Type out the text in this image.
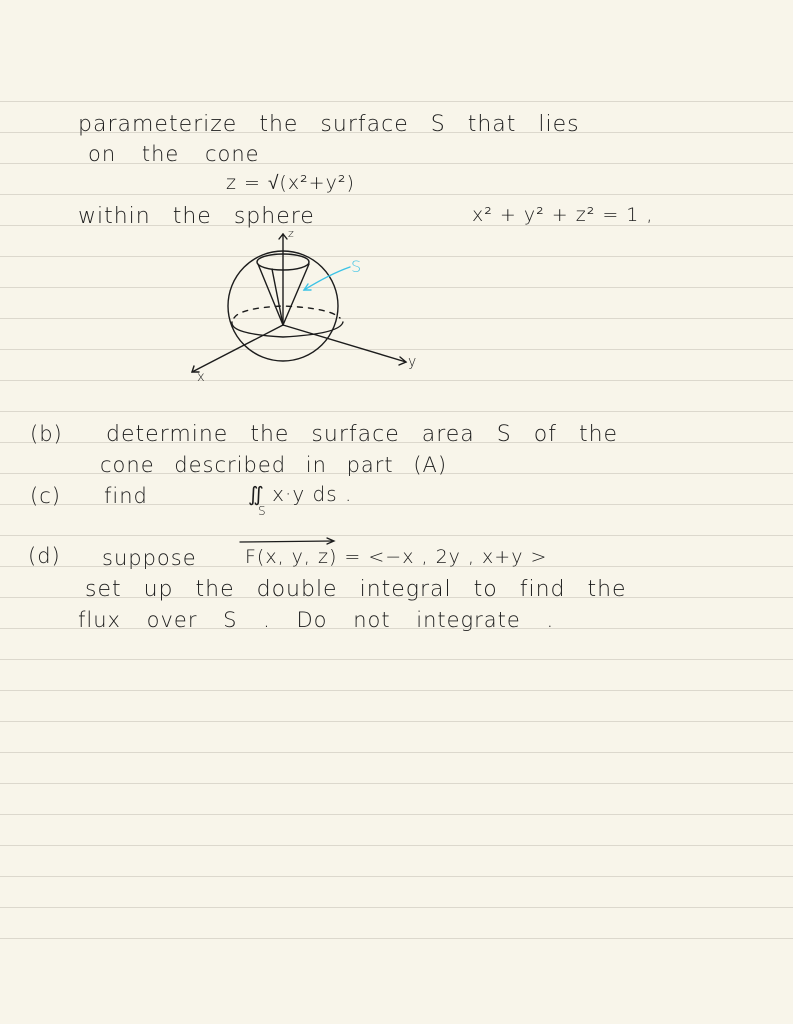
parameterize the surface S that lies
on the cone
z = √(x²+y²)
within the sphere	x² + y² + z² = 1 ,
z
x
y
S
(b) determine the surface area S of the
cone described in part (A)
(c) find	∬ x·y ds .
S
(d) suppose	F(x, y, z) = <−x , 2y , x+y >
set up the double integral to find the
flux over S . Do not integrate .
